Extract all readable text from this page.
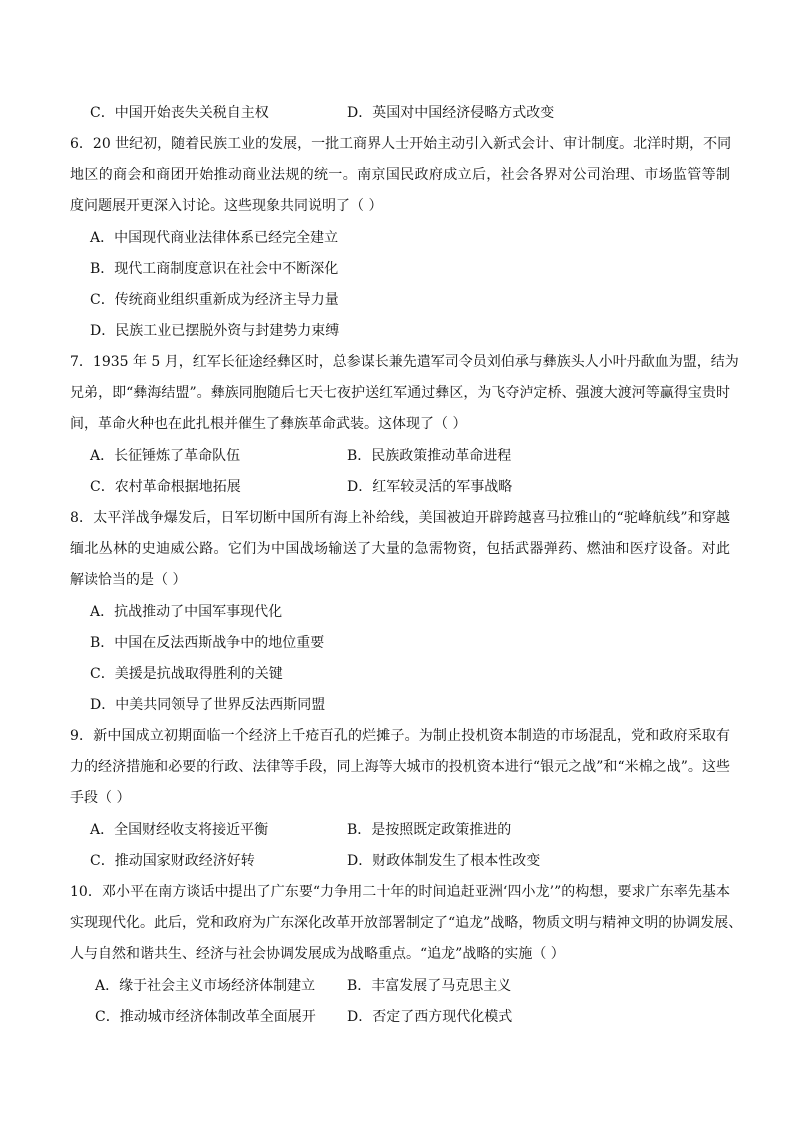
C．中国开始丧失关税自主权	D．英国对中国经济侵略方式改变
6．20 世纪初，随着民族工业的发展，一批工商界人士开始主动引入新式会计、审计制度。北洋时期，不同
地区的商会和商团开始推动商业法规的统一。南京国民政府成立后，社会各界对公司治理、市场监管等制
度问题展开更深入讨论。这些现象共同说明了（ ）
A．中国现代商业法律体系已经完全建立
B．现代工商制度意识在社会中不断深化
C．传统商业组织重新成为经济主导力量
D．民族工业已摆脱外资与封建势力束缚
7．1935 年 5 月，红军长征途经彝区时，总参谋长兼先遣军司令员刘伯承与彝族头人小叶丹歃血为盟，结为
兄弟，即“彝海结盟”。彝族同胞随后七天七夜护送红军通过彝区，为飞夺泸定桥、强渡大渡河等赢得宝贵时
间，革命火种也在此扎根并催生了彝族革命武装。这体现了（ ）
A．长征锤炼了革命队伍	B．民族政策推动革命进程
C．农村革命根据地拓展	D．红军较灵活的军事战略
8．太平洋战争爆发后，日军切断中国所有海上补给线，美国被迫开辟跨越喜马拉雅山的“驼峰航线”和穿越
缅北丛林的史迪威公路。它们为中国战场输送了大量的急需物资，包括武器弹药、燃油和医疗设备。对此
解读恰当的是（ ）
A．抗战推动了中国军事现代化
B．中国在反法西斯战争中的地位重要
C．美援是抗战取得胜利的关键
D．中美共同领导了世界反法西斯同盟
9．新中国成立初期面临一个经济上千疮百孔的烂摊子。为制止投机资本制造的市场混乱，党和政府采取有
力的经济措施和必要的行政、法律等手段，同上海等大城市的投机资本进行“银元之战”和“米棉之战”。这些
手段（ ）
A．全国财经收支将接近平衡	B．是按照既定政策推进的
C．推动国家财政经济好转	D．财政体制发生了根本性改变
10．邓小平在南方谈话中提出了广东要“力争用二十年的时间追赶亚洲‘四小龙’”的构想，要求广东率先基本
实现现代化。此后，党和政府为广东深化改革开放部署制定了“追龙”战略，物质文明与精神文明的协调发展、
人与自然和谐共生、经济与社会协调发展成为战略重点。“追龙”战略的实施（ ）
A．缘于社会主义市场经济体制建立 B．丰富发展了马克思主义
C．推动城市经济体制改革全面展开 D．否定了西方现代化模式
